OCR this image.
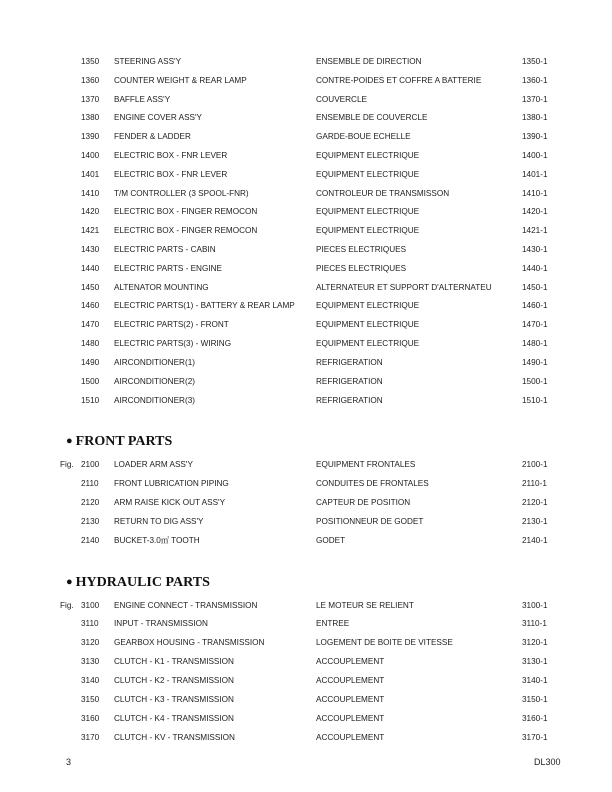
1350 STEERING ASS'Y	ENSEMBLE DE DIRECTION	1350-1
1360 COUNTER WEIGHT & REAR LAMP	CONTRE-POIDES ET COFFRE A BATTERIE	1360-1
1370 BAFFLE ASS'Y	COUVERCLE	1370-1
1380 ENGINE COVER ASS'Y	ENSEMBLE DE COUVERCLE	1380-1
1390 FENDER & LADDER	GARDE-BOUE ECHELLE	1390-1
1400 ELECTRIC BOX - FNR LEVER	EQUIPMENT ELECTRIQUE	1400-1
1401 ELECTRIC BOX - FNR LEVER	EQUIPMENT ELECTRIQUE	1401-1
1410 T/M CONTROLLER (3 SPOOL-FNR)	CONTROLEUR DE TRANSMISSON	1410-1
1420 ELECTRIC BOX - FINGER REMOCON	EQUIPMENT ELECTRIQUE	1420-1
1421 ELECTRIC BOX - FINGER REMOCON	EQUIPMENT ELECTRIQUE	1421-1
1430 ELECTRIC PARTS - CABIN	PIECES ELECTRIQUES	1430-1
1440 ELECTRIC PARTS - ENGINE	PIECES ELECTRIQUES	1440-1
1450 ALTENATOR MOUNTING	ALTERNATEUR ET SUPPORT D'ALTERNATEU	1450-1
1460 ELECTRIC PARTS(1) - BATTERY & REAR LAMP	EQUIPMENT ELECTRIQUE	1460-1
1470 ELECTRIC PARTS(2) - FRONT	EQUIPMENT ELECTRIQUE	1470-1
1480 ELECTRIC PARTS(3) - WIRING	EQUIPMENT ELECTRIQUE	1480-1
1490 AIRCONDITIONER(1)	REFRIGERATION	1490-1
1500 AIRCONDITIONER(2)	REFRIGERATION	1500-1
1510 AIRCONDITIONER(3)	REFRIGERATION	1510-1
● FRONT PARTS
Fig. 2100 LOADER ARM ASS'Y	EQUIPMENT FRONTALES	2100-1
2110 FRONT LUBRICATION PIPING	CONDUITES DE FRONTALES	2110-1
2120 ARM RAISE KICK OUT ASS'Y	CAPTEUR DE POSITION	2120-1
2130 RETURN TO DIG ASS'Y	POSITIONNEUR DE GODET	2130-1
2140 BUCKET-3.0㎥ TOOTH	GODET	2140-1
● HYDRAULIC PARTS
Fig. 3100 ENGINE CONNECT - TRANSMISSION	LE MOTEUR SE RELIENT	3100-1
3110 INPUT - TRANSMISSION	ENTREE	3110-1
3120 GEARBOX HOUSING - TRANSMISSION	LOGEMENT DE BOITE DE VITESSE	3120-1
3130 CLUTCH - K1 - TRANSMISSION	ACCOUPLEMENT	3130-1
3140 CLUTCH - K2 - TRANSMISSION	ACCOUPLEMENT	3140-1
3150 CLUTCH - K3 - TRANSMISSION	ACCOUPLEMENT	3150-1
3160 CLUTCH - K4 - TRANSMISSION	ACCOUPLEMENT	3160-1
3170 CLUTCH - KV - TRANSMISSION	ACCOUPLEMENT	3170-1
3	DL300
